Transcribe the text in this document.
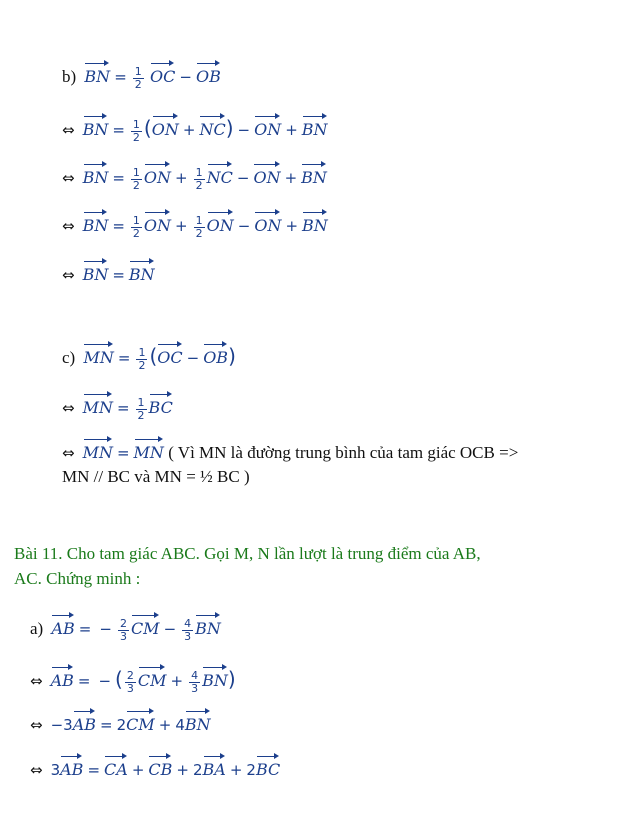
b) BN = $\frac{1}{2}$ OC − OB
⇔ BN = $\frac{1}{2} (ON + NC)$ − ON + BN
⇔ BN = $\frac{1}{2}$ ON + $\frac{1}{2}$ NC − ON + BN
⇔ BN = $\frac{1}{2}$ ON + $\frac{1}{2}$ ON − ON + BN
⇔ BN = BN
c) MN = $\frac{1}{2} (OC - OB)$
⇔ MN = $\frac{1}{2}$ BC
⇔ MN = MN ( Vì MN là đường trung bình của tam giác OCB =>
MN // BC và MN = ½ BC )
Bài 11. Cho tam giác ABC. Gọi M, N lần lượt là trung điểm của AB,
AC. Chứng minh :
a) AB = − $\frac{2}{3}$ CM − $\frac{4}{3}$ BN
⇔ AB = − ( $\frac{2}{3}$ CM + $\frac{4}{3} BN$)
⇔ −3AB = 2CM + 4BN
⇔ 3AB = CA + CB + 2BA + 2BC
